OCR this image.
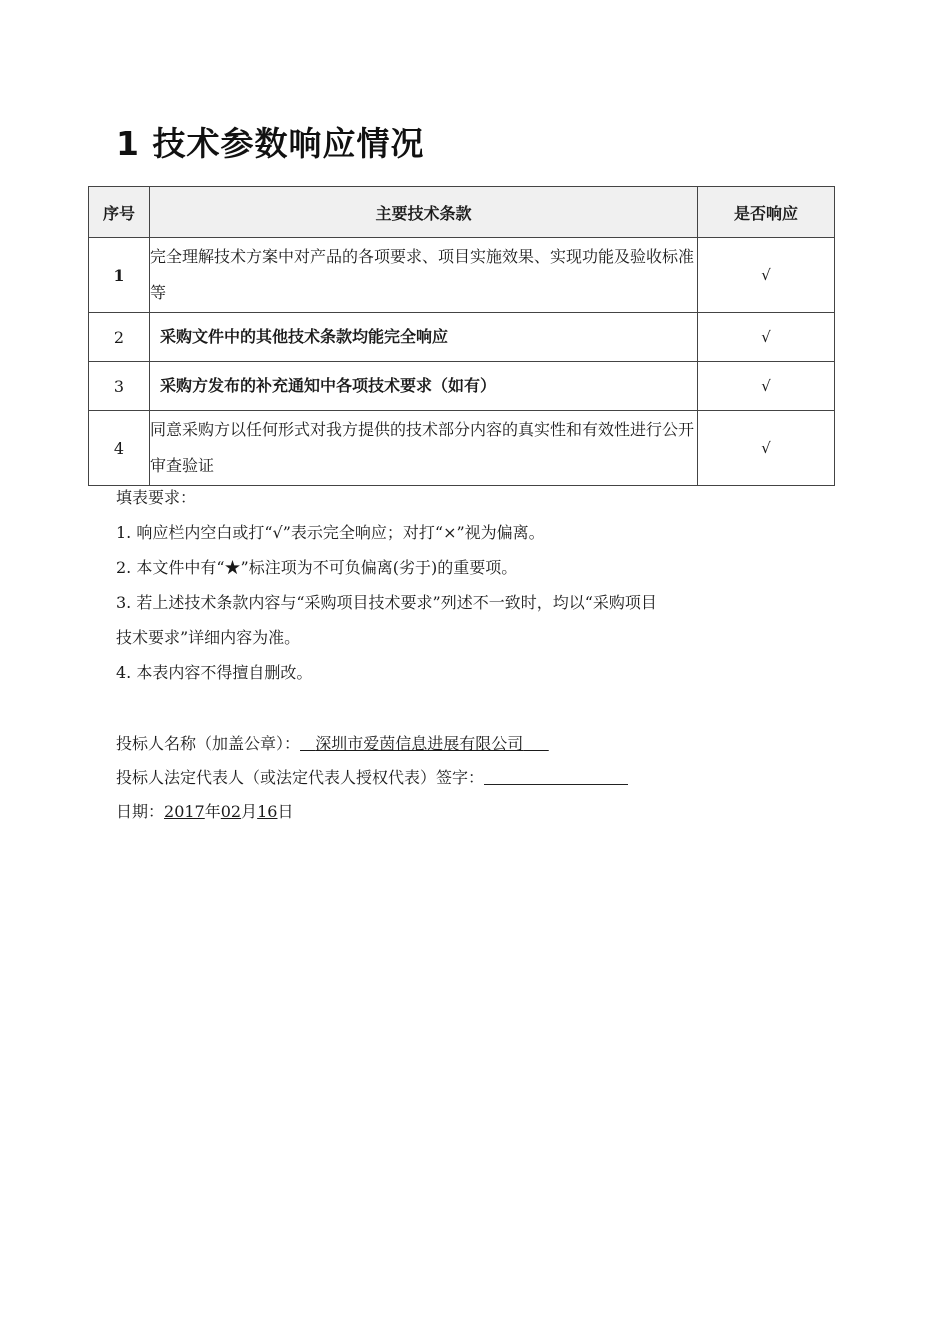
1 技术参数响应情况
序号	主要技术条款	是否响应
1	完全理解技术方案中对产品的各项要求、项目实施效果、实现功能及验收标准等	√
2	采购文件中的其他技术条款均能完全响应	√
3	采购方发布的补充通知中各项技术要求（如有）	√
4	同意采购方以任何形式对我方提供的技术部分内容的真实性和有效性进行公开审查验证	√
填表要求：
1. 响应栏内空白或打“√”表示完全响应；对打“×”视为偏离。
2. 本文件中有“★”标注项为不可负偏离(劣于)的重要项。
3. 若上述技术条款内容与“采购项目技术要求”列述不一致时，均以“采购项目
技术要求”详细内容为准。
4. 本表内容不得擅自删改。
投标人名称（加盖公章）： 深圳市爱茵信息进展有限公司
投标人法定代表人（或法定代表人授权代表）签字：
日期：2017年02月16日
